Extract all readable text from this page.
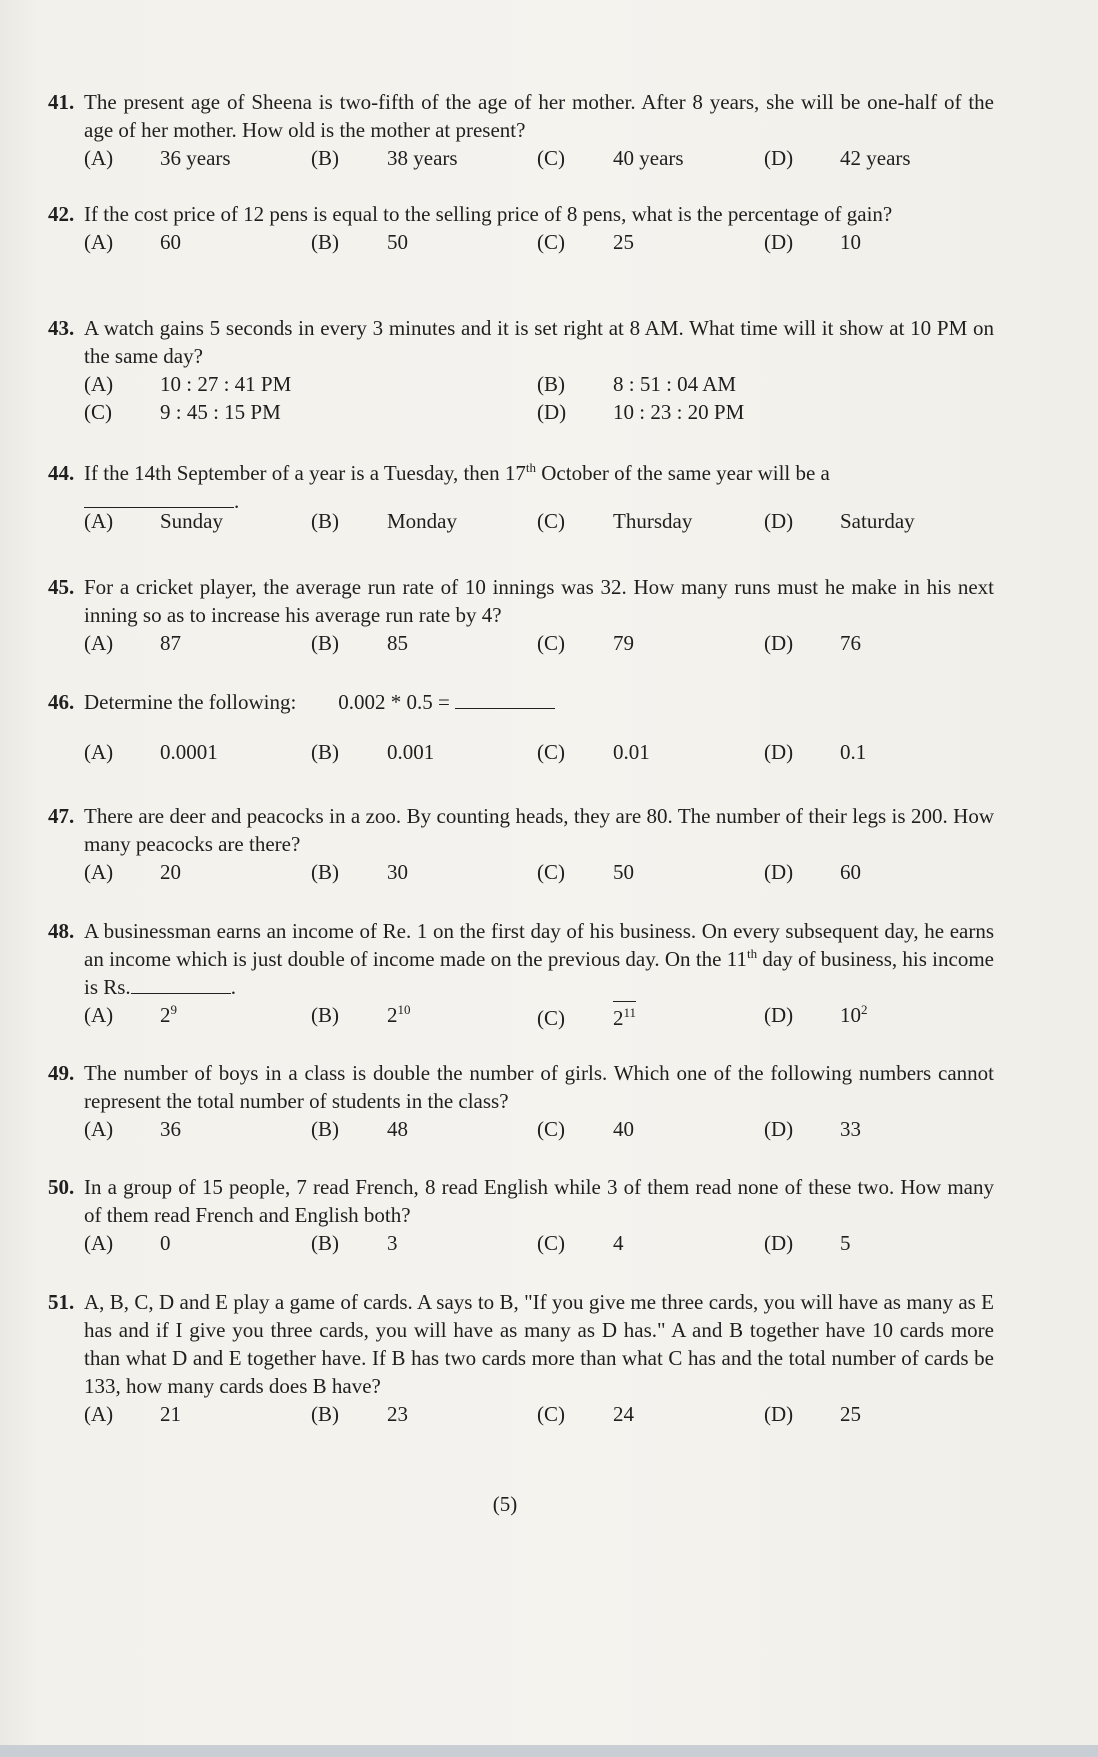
41. The present age of Sheena is two-fifth of the age of her mother. After 8 years, she will be one-half of the age of her mother. How old is the mother at present?
(A) 36 years	(B) 38 years	(C) 40 years	(D) 42 years
42. If the cost price of 12 pens is equal to the selling price of 8 pens, what is the percentage of gain?
(A) 60	(B) 50	(C) 25	(D) 10
43. A watch gains 5 seconds in every 3 minutes and it is set right at 8 AM. What time will it show at 10 PM on the same day?
(A) 10 : 27 : 41 PM	(B) 8 : 51 : 04 AM
(C) 9 : 45 : 15 PM	(D) 10 : 23 : 20 PM
44. If the 14th September of a year is a Tuesday, then 17th October of the same year will be a
.
(A) Sunday	(B) Monday	(C) Thursday	(D) Saturday
45. For a cricket player, the average run rate of 10 innings was 32. How many runs must he make in his next inning so as to increase his average run rate by 4?
(A) 87	(B) 85	(C) 79	(D) 76
46. Determine the following: 0.002 * 0.5 =
(A) 0.0001	(B) 0.001	(C) 0.01	(D) 0.1
47. There are deer and peacocks in a zoo. By counting heads, they are 80. The number of their legs is 200. How many peacocks are there?
(A) 20	(B) 30	(C) 50	(D) 60
48. A businessman earns an income of Re. 1 on the first day of his business. On every subsequent day, he earns an income which is just double of income made on the previous day. On the 11th day of business, his income is Rs.	.
(A) $2^9$	(B) $2^{10}$	(C) $2^{11}$	(D) $10^2$
49. The number of boys in a class is double the number of girls. Which one of the following numbers cannot represent the total number of students in the class?
(A) 36	(B) 48	(C) 40	(D) 33
50. In a group of 15 people, 7 read French, 8 read English while 3 of them read none of these two. How many of them read French and English both?
(A) 0	(B) 3	(C) 4	(D) 5
51. A, B, C, D and E play a game of cards. A says to B, "If you give me three cards, you will have as many as E has and if I give you three cards, you will have as many as D has." A and B together have 10 cards more than what D and E together have. If B has two cards more than what C has and the total number of cards be 133, how many cards does B have?
(A) 21	(B) 23	(C) 24	(D) 25
(5)
